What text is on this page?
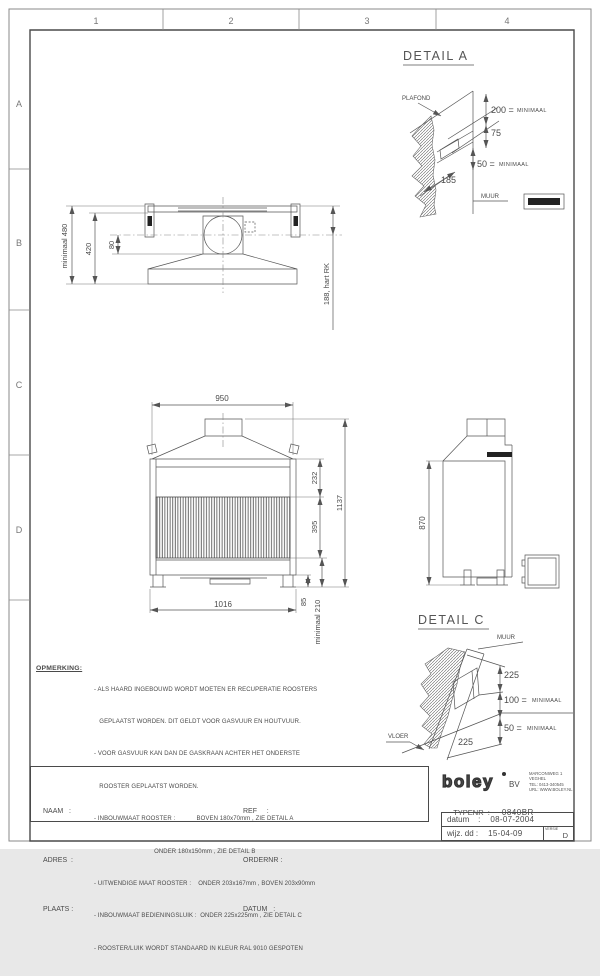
1	2	3	4
A
B
C
D
minimaal 480 420 80
188, hart RK
950
1016
232
395
1137
85 minimaal 210
870
DETAIL A
PLAFOND
200 = MINIMAAL
75
50 = MINIMAAL
185
MUUR
DETAIL C
MUUR
225
100 = MINIMAAL
50 = MINIMAAL
225
VLOER
OPMERKING:

- ALS HAARD INGEBOUWD WORDT MOETEN ER RECUPERATIE ROOSTERS

GEPLAATST WORDEN. DIT GELDT VOOR GASVUUR EN HOUTVUUR.

- VOOR GASVUUR KAN DAN DE GASKRAAN ACHTER HET ONDERSTE

ROOSTER GEPLAATST WORDEN.

- INBOUWMAAT ROOSTER :            BOVEN 180x70mm , ZIE DETAIL A

ONDER 180x150mm , ZIE DETAIL B

- UITWENDIGE MAAT ROOSTER :    ONDER 203x167mm , BOVEN 203x90mm

- INBOUWMAAT BEDIENINGSLUIK :  ONDER 225x225mm , ZIE DETAIL C

- ROOSTER/LUIK WORDT STANDAARD IN KLEUR RAL 9010 GESPOTEN

NAAM   :

ADRES  :

PLAATS :

REF     :

ORDERNR :

DATUM   :

boley BV
MARCONIWEG 1
VEGHEL
TEL: 0413-340545
URL: WWW.BOLEY.NL

TYPENR  : 0840BR

datum    : 08-07-2004
wijz. dd : 15-04-09

	VERSIE

D
